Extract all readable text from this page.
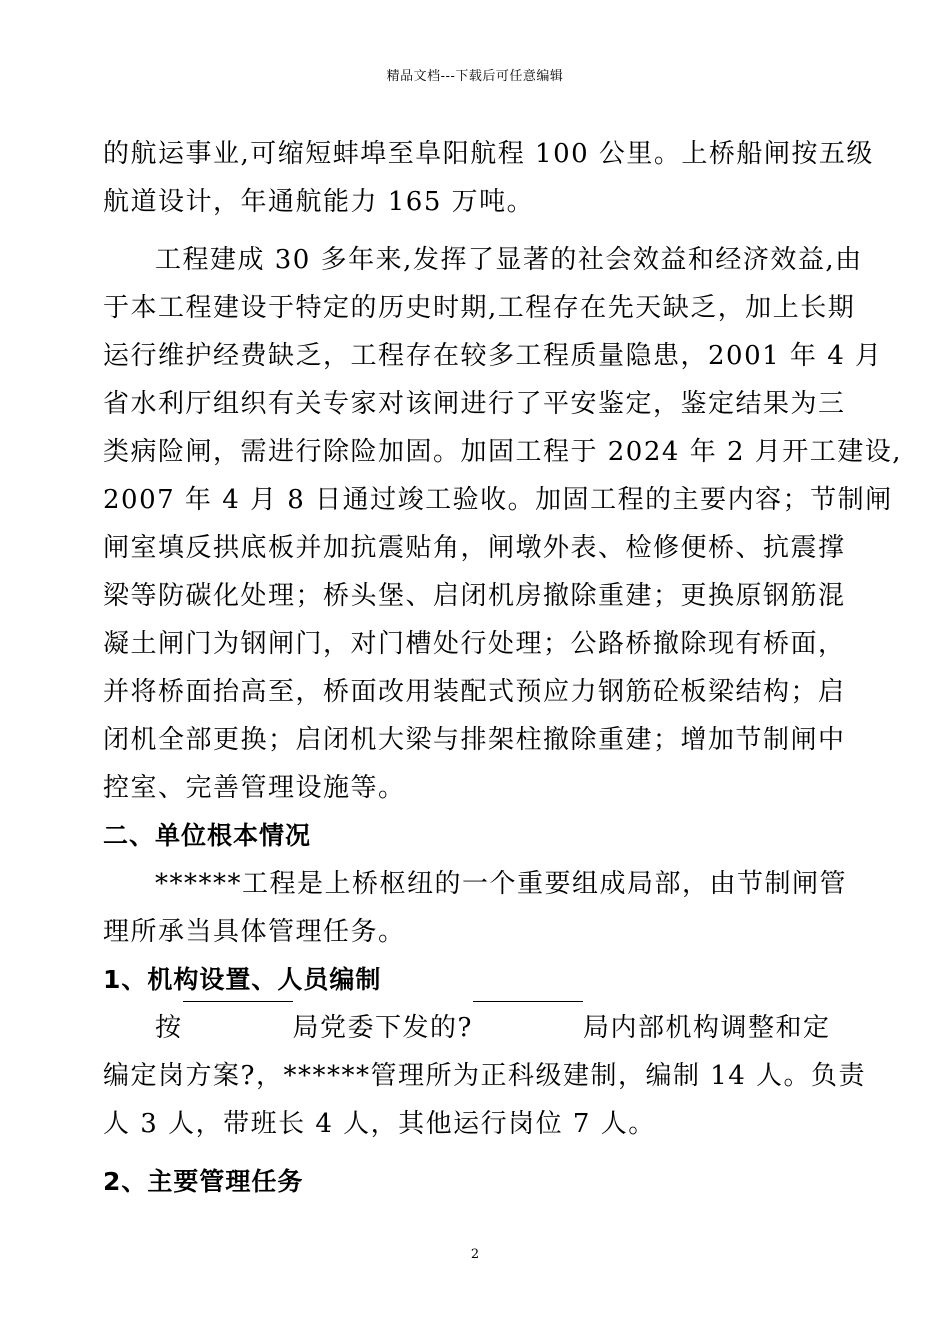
精品文档---下载后可任意编辑
的航运事业,可缩短蚌埠至阜阳航程 100 公里。上桥船闸按五级
航道设计，年通航能力 165 万吨。
工程建成 30 多年来,发挥了显著的社会效益和经济效益,由
于本工程建设于特定的历史时期,工程存在先天缺乏，加上长期
运行维护经费缺乏，工程存在较多工程质量隐患，2001 年 4 月
省水利厅组织有关专家对该闸进行了平安鉴定，鉴定结果为三
类病险闸，需进行除险加固。加固工程于 2024 年 2 月开工建设,
2007 年 4 月 8 日通过竣工验收。加固工程的主要内容；节制闸
闸室填反拱底板并加抗震贴角，闸墩外表、检修便桥、抗震撑
梁等防碳化处理；桥头堡、启闭机房撤除重建；更换原钢筋混
凝土闸门为钢闸门，对门槽处行处理；公路桥撤除现有桥面，
并将桥面抬高至，桥面改用装配式预应力钢筋砼板梁结构；启
闭机全部更换；启闭机大梁与排架柱撤除重建；增加节制闸中
控室、完善管理设施等。
二、单位根本情况
******工程是上桥枢纽的一个重要组成局部，由节制闸管
理所承当具体管理任务。
1、机构设置、人员编制
按	局党委下发的?	局内部机构调整和定
编定岗方案?，******管理所为正科级建制，编制 14 人。负责
人 3 人，带班长 4 人，其他运行岗位 7 人。
2、主要管理任务
2
